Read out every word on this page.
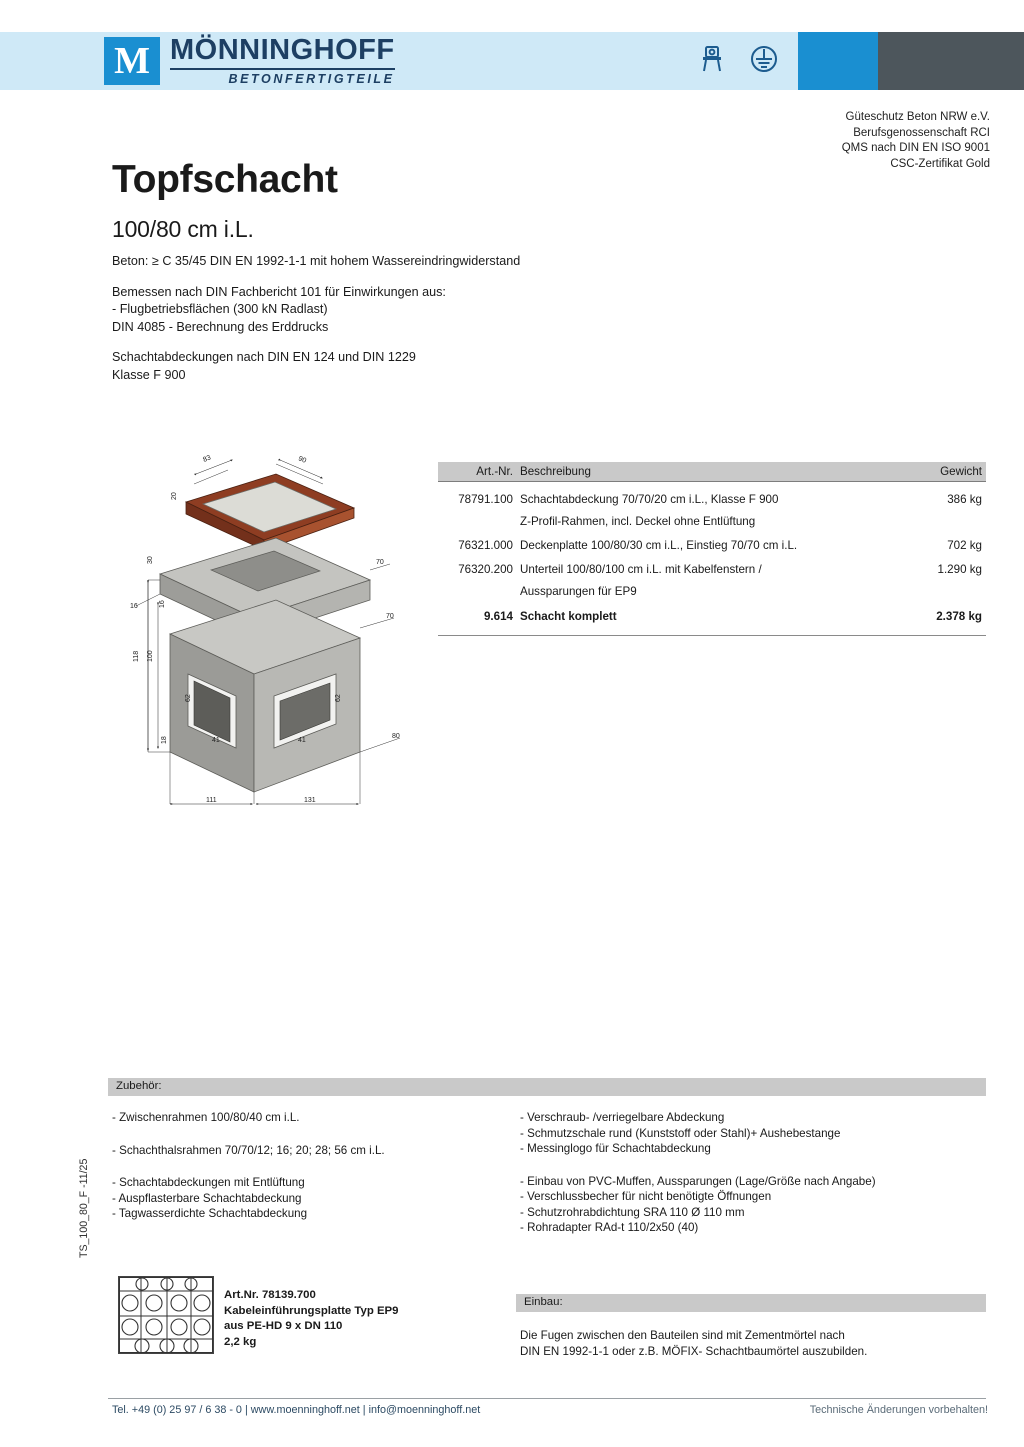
M MÖNNINGHOFF
BETONFERTIGTEILE
Güteschutz Beton NRW e.V.
Berufsgenossenschaft RCI
QMS nach DIN EN ISO 9001
CSC-Zertifikat Gold
Topfschacht
100/80 cm i.L.

Beton: ≥ C 35/45 DIN EN 1992-1-1 mit hohem Wassereindringwiderstand

Bemessen nach DIN Fachbericht 101 für Einwirkungen aus:

- Flugbetriebsflächen (300 kN Radlast)

DIN 4085 - Berechnung des Erddrucks

Schachtabdeckungen nach DIN EN 124 und DIN 1229

Klasse F 900

83	90
20
30
118 100
16
16
62	62
18	41	41
111	131
70
70
80
Art.-Nr. Beschreibung	Gewicht
78791.100 Schachtabdeckung 70/70/20 cm i.L., Klasse F 900	386 kg
Z-Profil-Rahmen, incl. Deckel ohne Entlüftung
76321.000 Deckenplatte 100/80/30 cm i.L., Einstieg 70/70 cm i.L.	702 kg
76320.200 Unterteil 100/80/100 cm i.L. mit Kabelfenstern /	1.290 kg
Aussparungen für EP9
9.614 Schacht komplett	2.378 kg
Zubehör:

- Zwischenrahmen 100/80/40 cm i.L.

- Schachthalsrahmen 70/70/12; 16; 20; 28; 56 cm i.L.

- Schachtabdeckungen mit Entlüftung

- Auspflasterbare Schachtabdeckung

- Tagwasserdichte Schachtabdeckung

- Verschraub- /verriegelbare Abdeckung

- Schmutzschale rund (Kunststoff oder Stahl)+ Aushebestange

- Messinglogo für Schachtabdeckung

- Einbau von PVC-Muffen, Aussparungen (Lage/Größe nach Angabe)

- Verschlussbecher für nicht benötigte Öffnungen

- Schutzrohrabdichtung SRA 110 Ø 110 mm

- Rohradapter RAd-t 110/2x50 (40)

TS_100_80_F -11/25

Art.Nr. 78139.700

Kabeleinführungsplatte Typ EP9

aus PE-HD 9 x DN 110

2,2 kg

Einbau:

Die Fugen zwischen den Bauteilen sind mit Zementmörtel nach

DIN EN 1992-1-1 oder z.B. MÖFIX- Schachtbaumörtel auszubilden.

Tel. +49 (0) 25 97 / 6 38 - 0 | www.moenninghoff.net | info@moenninghoff.net	Technische Änderungen vorbehalten!
